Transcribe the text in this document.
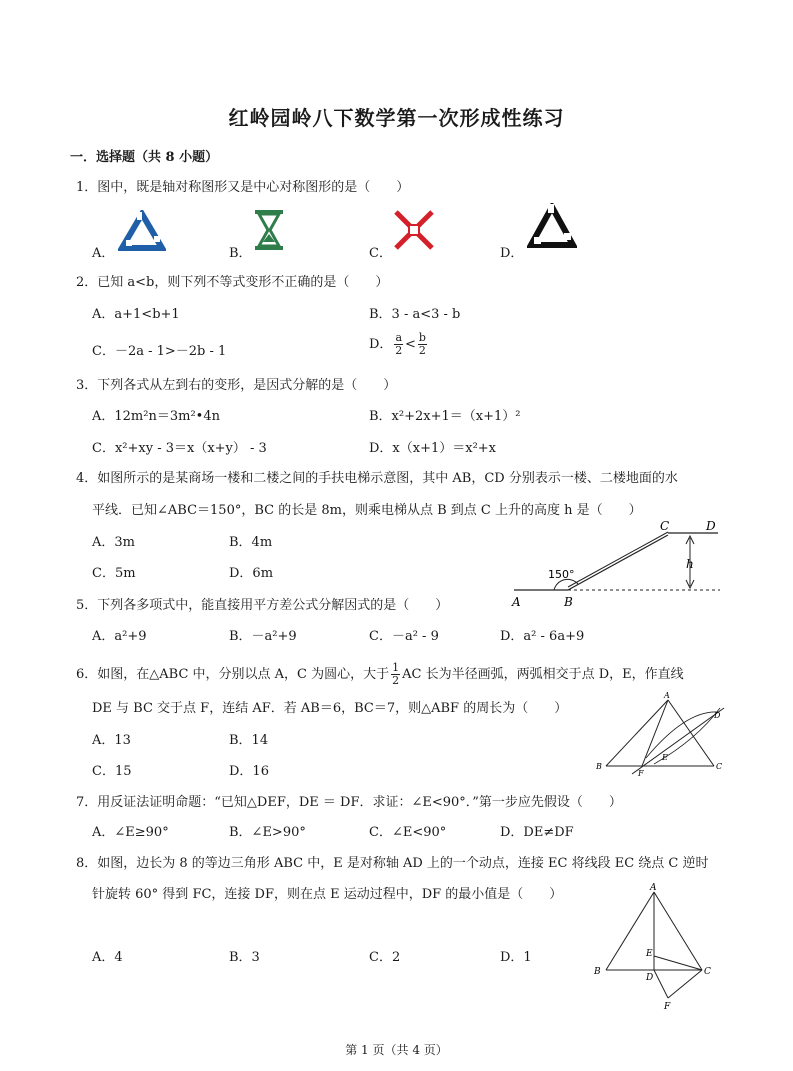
红岭园岭八下数学第一次形成性练习
一．选择题（共 8 小题）
1．图中，既是轴对称图形又是中心对称图形的是（　　）
A．	B．	C．	D．
2．已知 a<b，则下列不等式变形不正确的是（　　）
A．a+1<b+1	B．3 - a<3 - b
C．－2a - 1>－2b - 1	D． $\frac{a}{2} < \frac{b}{2}$
3．下列各式从左到右的变形，是因式分解的是（　　）
A．12m²n＝3m²•4n	B．x²+2x+1＝（x+1）²
C．x²+xy - 3＝x（x+y） - 3	D．x（x+1）＝x²+x
4．如图所示的是某商场一楼和二楼之间的手扶电梯示意图，其中 AB，CD 分别表示一楼、二楼地面的水
平线．已知∠ABC＝150°，BC 的长是 8m，则乘电梯从点 B 到点 C 上升的高度 h 是（　　）
A．3m	B．4m
C．5m	D．6m
A	B
C	D
h
150°
5．下列各多项式中，能直接用平方差公式分解因式的是（　　）
A．a²+9	B．－a²+9	C．－a² - 9	D．a² - 6a+9
6．如图，在△ABC 中，分别以点 A，C 为圆心，大于 $\frac{1}{2}$ AC 长为半径画弧，两弧相交于点 D，E，作直线
DE 与 BC 交于点 F，连结 AF．若 AB＝6，BC＝7，则△ABF 的周长为（　　）
A．13	B．14
C．15	D．16
A
B	C
D
E
F
7．用反证法证明命题：“已知△DEF，DE ＝ DF．求证：∠E<90°．”第一步应先假设（　　）
A．∠E≥90°	B．∠E>90°	C．∠E<90°	D．DE≠DF
8．如图，边长为 8 的等边三角形 ABC 中，E 是对称轴 AD 上的一个动点，连接 EC 将线段 EC 绕点 C 逆时
针旋转 60° 得到 FC，连接 DF，则在点 E 运动过程中，DF 的最小值是（　　）
A．4	B．3	C．2	D．1
A
B	C
D
E
F
第 1 页（共 4 页）
